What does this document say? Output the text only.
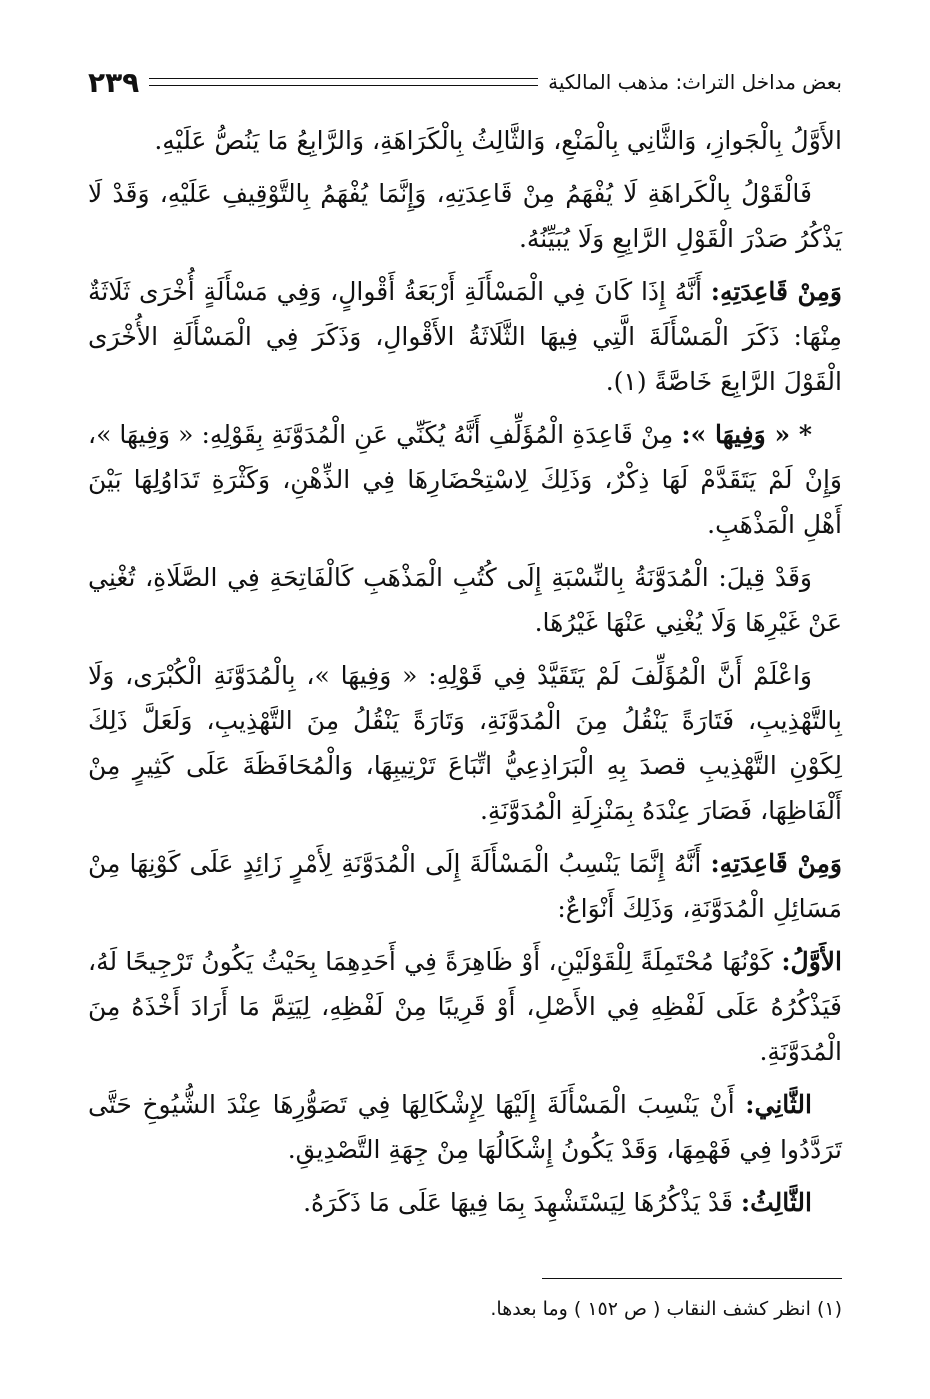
بعض مداخل التراث: مذهب المالكية
٢٣٩

الأَوَّلُ بِالْجَوازِ، وَالثَّانِي بِالْمَنْعِ، وَالثَّالِثُ بِالْكَرَاهَةِ، وَالرَّابِعُ مَا يَنُصُّ عَلَيْهِ.

فَالْقَوْلُ بِالْكَراهَةِ لَا يُفْهَمُ مِنْ قَاعِدَتِهِ، وَإِنَّمَا يُفْهَمُ بِالتَّوْقِيفِ عَلَيْهِ، وَقَدْ لَا يَذْكُرُ صَدْرَ الْقَوْلِ الرَّابِعِ وَلَا يُبَيِّنُهُ.

وَمِنْ قَاعِدَتِهِ: أَنَّهُ إِذَا كَانَ فِي الْمَسْأَلَةِ أَرْبَعَةُ أَقْوالٍ، وَفِي مَسْأَلَةٍ أُخْرَى ثَلَاثَةٌ مِنْهَا: ذَكَرَ الْمَسْأَلَةَ الَّتِي فِيهَا الثَّلَاثَةُ الأَقْوالِ، وَذَكَرَ فِي الْمَسْأَلَةِ الأُخْرَى الْقَوْلَ الرَّابِعَ خَاصَّةً (١).

* « وَفِيهَا »: مِنْ قَاعِدَةِ الْمُؤَلِّفِ أَنَّهُ يُكَنِّي عَنِ الْمُدَوَّنَةِ بِقَوْلِهِ: « وَفِيهَا »، وَإِنْ لَمْ يَتَقَدَّمْ لَهَا ذِكْرٌ، وَذَلِكَ لِاسْتِحْضَارِهَا فِي الذِّهْنِ، وَكَثْرَةِ تَدَاوُلِهَا بَيْنَ أَهْلِ الْمَذْهَبِ.

وَقَدْ قِيلَ: الْمُدَوَّنَةُ بِالنِّسْبَةِ إِلَى كُتُبِ الْمَذْهَبِ كَالْفَاتِحَةِ فِي الصَّلَاةِ، تُغْنِي عَنْ غَيْرِهَا وَلَا يُغْنِي عَنْهَا غَيْرُهَا.

وَاعْلَمْ أَنَّ الْمُؤَلِّفَ لَمْ يَتَقَيَّدْ فِي قَوْلِهِ: « وَفِيهَا »، بِالْمُدَوَّنَةِ الْكُبْرَى، وَلَا بِالتَّهْذِيبِ، فَتَارَةً يَنْقُلُ مِنَ الْمُدَوَّنَةِ، وَتَارَةً يَنْقُلُ مِنَ التَّهْذِيبِ، وَلَعَلَّ ذَلِكَ لِكَوْنِ التَّهْذِيبِ قصدَ بِهِ الْبَرَاذِعِيُّ اتِّبَاعَ تَرْتِيبِهَا، وَالْمُحَافَظَةَ عَلَى كَثِيرٍ مِنْ أَلْفَاظِهَا، فَصَارَ عِنْدَهُ بِمَنْزِلَةِ الْمُدَوَّنَةِ.

وَمِنْ قَاعِدَتِهِ: أَنَّهُ إِنَّمَا يَنْسِبُ الْمَسْأَلَةَ إِلَى الْمُدَوَّنَةِ لِأَمْرٍ زَائِدٍ عَلَى كَوْنِهَا مِنْ مَسَائِلِ الْمُدَوَّنَةِ، وَذَلِكَ أَنْوَاعٌ:

الأَوَّلُ: كَوْنُهَا مُحْتَمِلَةً لِلْقَوْلَيْنِ، أَوْ ظَاهِرَةً فِي أَحَدِهِمَا بِحَيْثُ يَكُونُ تَرْجِيحًا لَهُ، فَيَذْكُرُهُ عَلَى لَفْظِهِ فِي الأَصْلِ، أَوْ قَرِيبًا مِنْ لَفْظِهِ، لِيَتِمَّ مَا أَرَادَ أَخْذَهُ مِنَ الْمُدَوَّنَةِ.

الثَّانِي: أَنْ يَنْسِبَ الْمَسْأَلَةَ إِلَيْهَا لِإِشْكَالِهَا فِي تَصَوُّرِهَا عِنْدَ الشُّيُوخِ حَتَّى تَرَدَّدُوا فِي فَهْمِهَا، وَقَدْ يَكُونُ إِشْكَالُهَا مِنْ جِهَةِ التَّصْدِيقِ.

الثَّالِثُ: قَدْ يَذْكُرُهَا لِيَسْتَشْهِدَ بِمَا فِيهَا عَلَى مَا ذَكَرَهُ.

(١) انظر كشف النقاب ( ص ١٥٢ ) وما بعدها.
